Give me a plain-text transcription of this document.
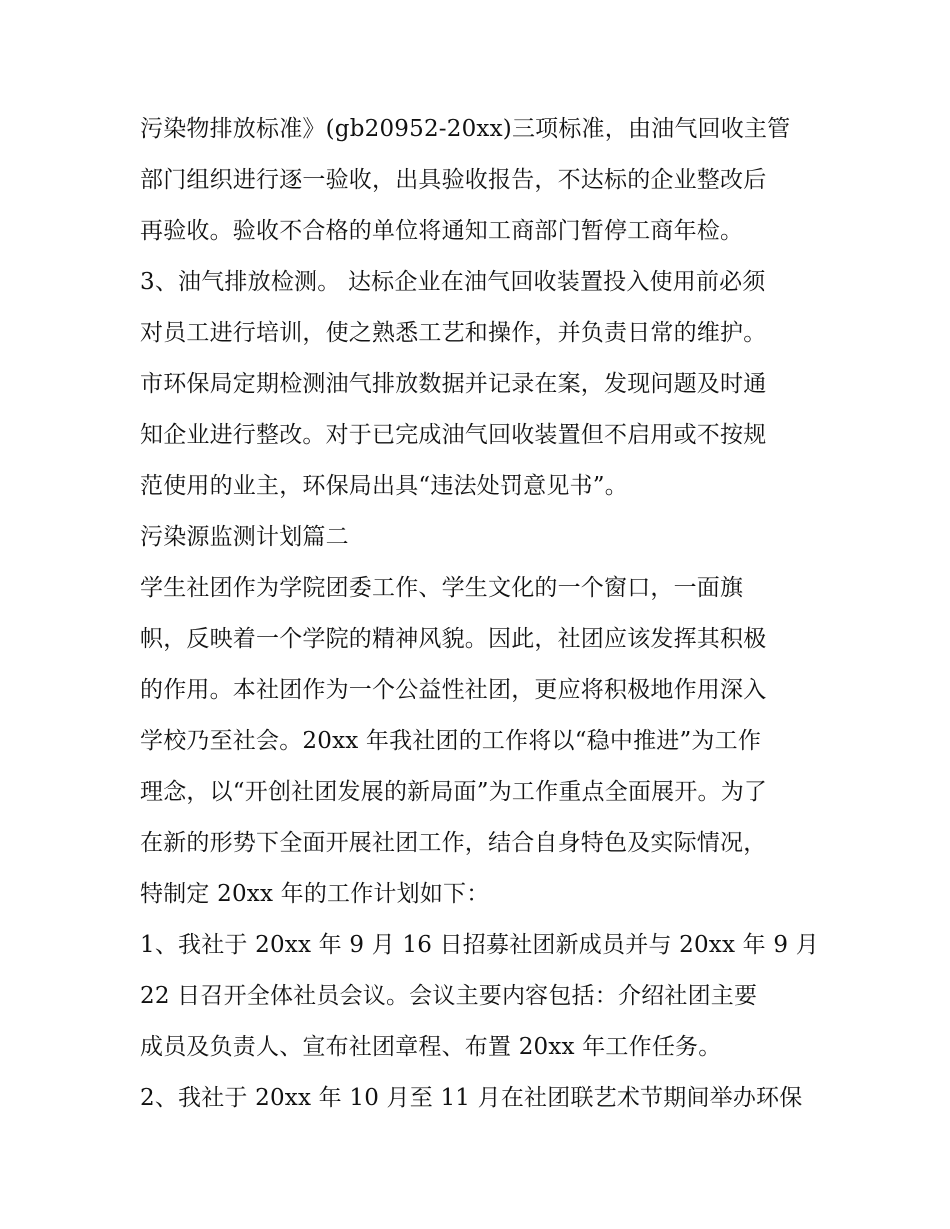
污染物排放标准》(gb20952-20xx)三项标准，由油气回收主管
部门组织进行逐一验收，出具验收报告，不达标的企业整改后
再验收。验收不合格的单位将通知工商部门暂停工商年检。
3、油气排放检测。 达标企业在油气回收装置投入使用前必须
对员工进行培训，使之熟悉工艺和操作，并负责日常的维护。
市环保局定期检测油气排放数据并记录在案，发现问题及时通
知企业进行整改。对于已完成油气回收装置但不启用或不按规
范使用的业主，环保局出具“违法处罚意见书”。
污染源监测计划篇二
学生社团作为学院团委工作、学生文化的一个窗口，一面旗
帜，反映着一个学院的精神风貌。因此，社团应该发挥其积极
的作用。本社团作为一个公益性社团，更应将积极地作用深入
学校乃至社会。20xx 年我社团的工作将以“稳中推进”为工作
理念，以“开创社团发展的新局面”为工作重点全面展开。为了
在新的形势下全面开展社团工作，结合自身特色及实际情况，
特制定 20xx 年的工作计划如下：
1、我社于 20xx 年 9 月 16 日招募社团新成员并与 20xx 年 9 月
22 日召开全体社员会议。会议主要内容包括：介绍社团主要
成员及负责人、宣布社团章程、布置 20xx 年工作任务。
2、我社于 20xx 年 10 月至 11 月在社团联艺术节期间举办环保
